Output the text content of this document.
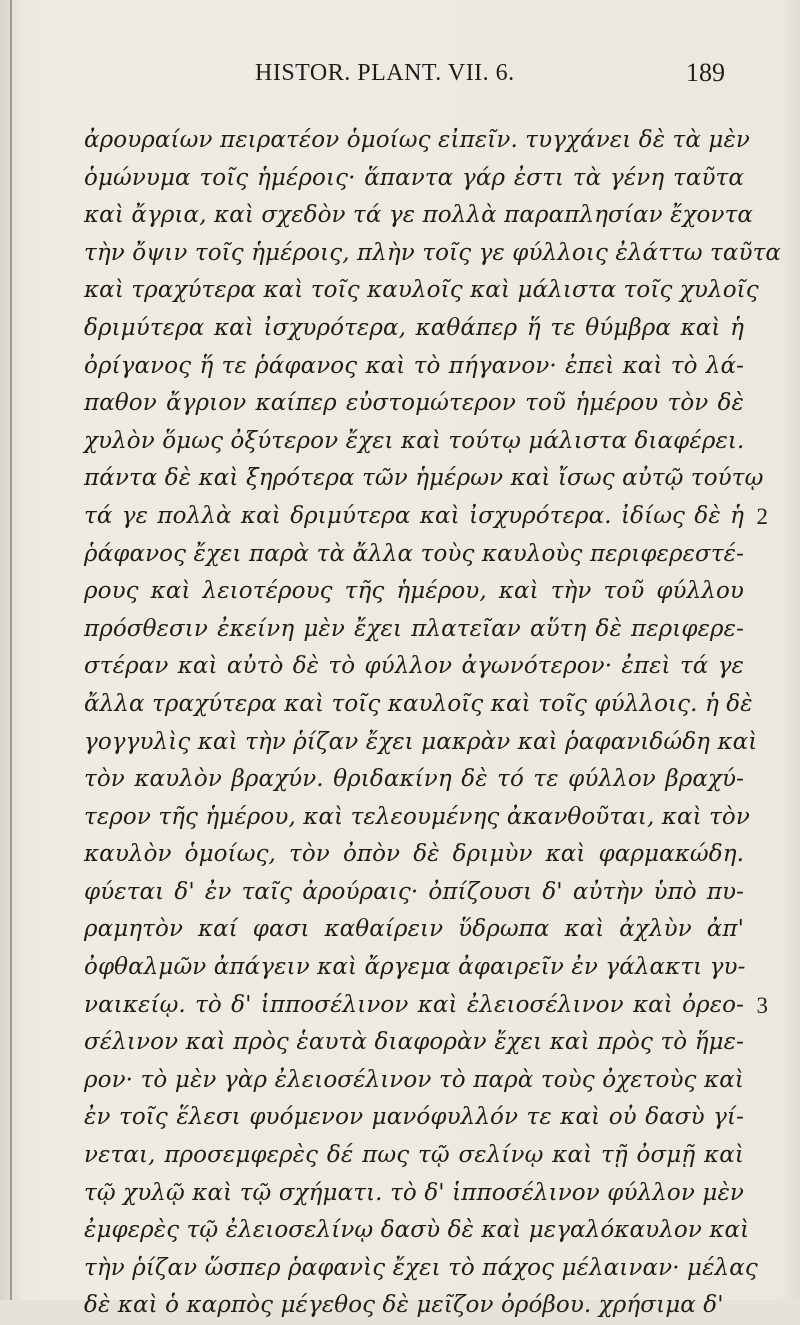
HISTOR. PLANT. VII. 6.	189
ἀρουραίων πειρατέον ὁμοίως εἰπεῖν. τυγχάνει δὲ τὰ μὲν
ὁμώνυμα τοῖς ἡμέροις· ἅπαντα γάρ ἐστι τὰ γένη ταῦτα
καὶ ἄγρια, καὶ σχεδὸν τά γε πολλὰ παραπλησίαν ἔχοντα
τὴν ὄψιν τοῖς ἡμέροις, πλὴν τοῖς γε φύλλοις ἐλάττω ταῦτα
καὶ τραχύτερα καὶ τοῖς καυλοῖς καὶ μάλιστα τοῖς χυλοῖς
δριμύτερα καὶ ἰσχυρότερα, καθάπερ ἥ τε θύμβρα καὶ ἡ
ὀρίγανος ἥ τε ῥάφανος καὶ τὸ πήγανον· ἐπεὶ καὶ τὸ λά-
παθον ἄγριον καίπερ εὐστομώτερον τοῦ ἡμέρου τὸν δὲ
χυλὸν ὅμως ὀξύτερον ἔχει καὶ τούτῳ μάλιστα διαφέρει.
πάντα δὲ καὶ ξηρότερα τῶν ἡμέρων καὶ ἴσως αὐτῷ τούτῳ
τά γε πολλὰ καὶ δριμύτερα καὶ ἰσχυρότερα. ἰδίως δὲ ἡ
ῥάφανος ἔχει παρὰ τὰ ἄλλα τοὺς καυλοὺς περιφερεστέ-
ρους καὶ λειοτέρους τῆς ἡμέρου, καὶ τὴν τοῦ φύλλου
πρόσθεσιν ἐκείνη μὲν ἔχει πλατεῖαν αὕτη δὲ περιφερε-
στέραν καὶ αὐτὸ δὲ τὸ φύλλον ἀγωνότερον· ἐπεὶ τά γε
ἄλλα τραχύτερα καὶ τοῖς καυλοῖς καὶ τοῖς φύλλοις. ἡ δὲ
γογγυλὶς καὶ τὴν ῥίζαν ἔχει μακρὰν καὶ ῥαφανιδώδη καὶ
τὸν καυλὸν βραχύν. θριδακίνη δὲ τό τε φύλλον βραχύ-
τερον τῆς ἡμέρου, καὶ τελεουμένης ἀκανθοῦται, καὶ τὸν
καυλὸν ὁμοίως, τὸν ὀπὸν δὲ δριμὺν καὶ φαρμακώδη.
φύεται δ' ἐν ταῖς ἀρούραις· ὀπίζουσι δ' αὐτὴν ὑπὸ πυ-
ραμητὸν καί φασι καθαίρειν ὕδρωπα καὶ ἀχλὺν ἀπ'
ὀφθαλμῶν ἀπάγειν καὶ ἄργεμα ἀφαιρεῖν ἐν γάλακτι γυ-
ναικείῳ. τὸ δ' ἱπποσέλινον καὶ ἐλειοσέλινον καὶ ὀρεο-
σέλινον καὶ πρὸς ἑαυτὰ διαφορὰν ἔχει καὶ πρὸς τὸ ἥμε-
ρον· τὸ μὲν γὰρ ἐλειοσέλινον τὸ παρὰ τοὺς ὀχετοὺς καὶ
ἐν τοῖς ἕλεσι φυόμενον μανόφυλλόν τε καὶ οὐ δασὺ γί-
νεται, προσεμφερὲς δέ πως τῷ σελίνῳ καὶ τῇ ὀσμῇ καὶ
τῷ χυλῷ καὶ τῷ σχήματι. τὸ δ' ἱπποσέλινον φύλλον μὲν
ἐμφερὲς τῷ ἐλειοσελίνῳ δασὺ δὲ καὶ μεγαλόκαυλον καὶ
τὴν ῥίζαν ὥσπερ ῥαφανὶς ἔχει τὸ πάχος μέλαιναν· μέλας
δὲ καὶ ὁ καρπὸς μέγεθος δὲ μεῖζον ὀρόβου. χρήσιμα δ'
2
3
